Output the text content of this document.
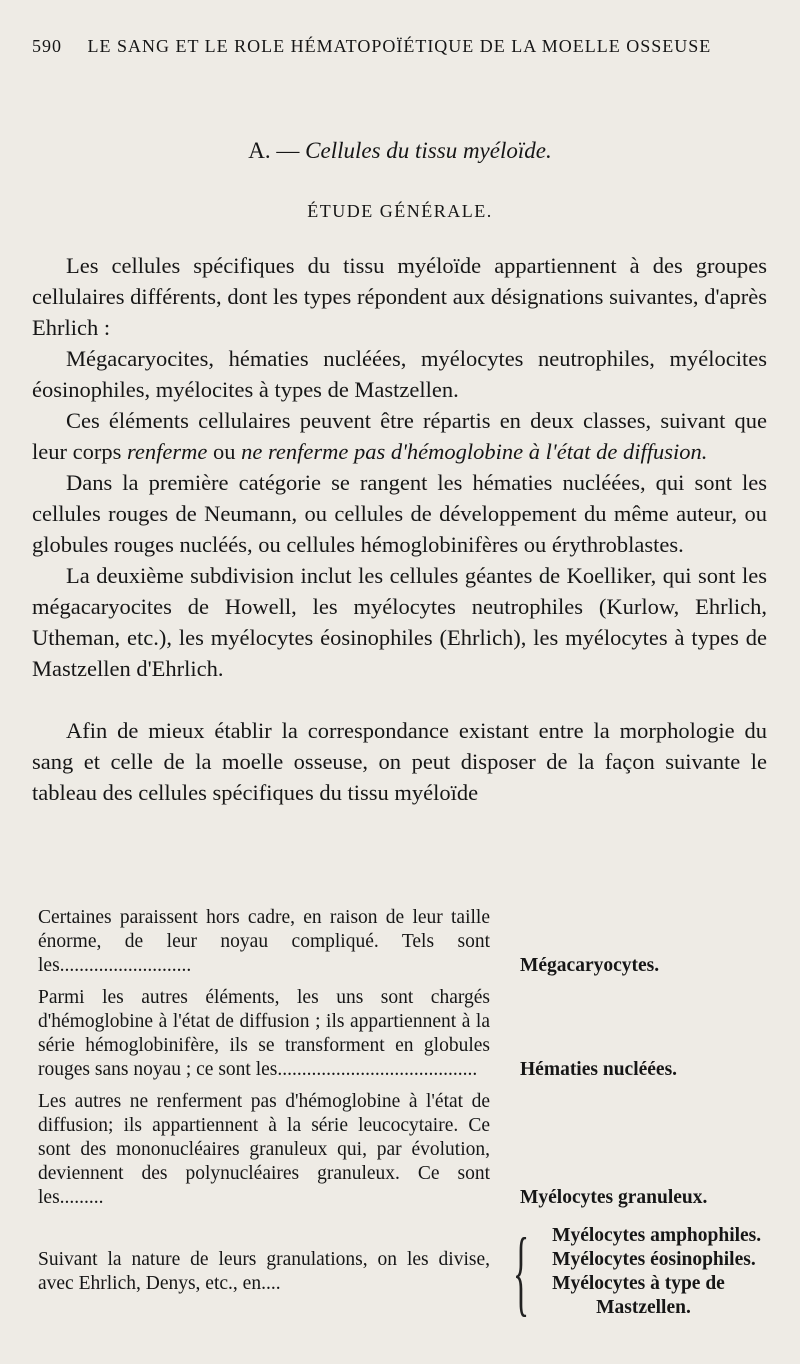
590 LE SANG ET LE ROLE HÉMATOPOÏÉTIQUE DE LA MOELLE OSSEUSE
A. — Cellules du tissu myéloïde.
ÉTUDE GÉNÉRALE.

Les cellules spécifiques du tissu myéloïde appartiennent à des groupes cellulaires différents, dont les types répondent aux désignations suivantes, d'après Ehrlich :

Mégacaryocites, hématies nucléées, myélocytes neutrophiles, myélocites éosinophiles, myélocites à types de Mastzellen.

Ces éléments cellulaires peuvent être répartis en deux classes, suivant que leur corps renferme ou ne renferme pas d'hémoglobine à l'état de diffusion.

Dans la première catégorie se rangent les hématies nucléées, qui sont les cellules rouges de Neumann, ou cellules de développement du même auteur, ou globules rouges nucléés, ou cellules hémoglobinifères ou érythroblastes.

La deuxième subdivision inclut les cellules géantes de Koelliker, qui sont les mégacaryocites de Howell, les myélocytes neutrophiles (Kurlow, Ehrlich, Utheman, etc.), les myélocytes éosinophiles (Ehrlich), les myélocytes à types de Mastzellen d'Ehrlich.

Afin de mieux établir la correspondance existant entre la morphologie du sang et celle de la moelle osseuse, on peut disposer de la façon suivante le tableau des cellules spécifiques du tissu myéloïde

Certaines paraissent hors cadre, en raison de leur taille énorme, de leur noyau compliqué. Tels sont les...........................	Mégacaryocytes.
Parmi les autres éléments, les uns sont chargés d'hémoglobine à l'état de diffusion ; ils appartiennent à la série hémoglobinifère, ils se transforment en globules rouges sans noyau ; ce sont les.........................................	Hématies nucléées.
Les autres ne renferment pas d'hémoglobine à l'état de diffusion; ils appartiennent à la série leucocytaire. Ce sont des mononucléaires granuleux qui, par évolution, deviennent des polynucléaires granuleux. Ce sont les.........	Myélocytes granuleux.
Suivant la nature de leurs granulations, on les divise, avec Ehrlich, Denys, etc., en....	{ Myélocytes amphophiles.
Myélocytes éosinophiles.
Myélocytes à type de
Mastzellen.
